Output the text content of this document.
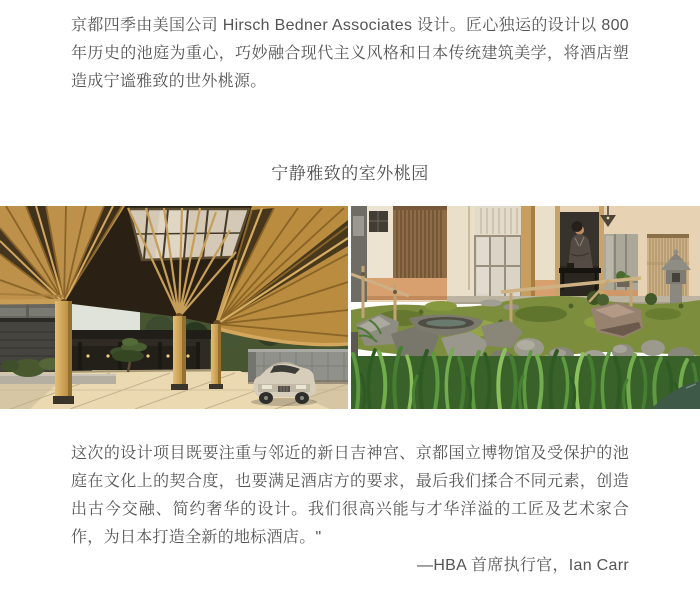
京都四季由美国公司 Hirsch Bedner Associates 设计。匠心独运的设计以 800 年历史的池庭为重心，巧妙融合现代主义风格和日本传统建筑美学，将酒店塑造成宁谧雅致的世外桃源。

宁静雅致的室外桃园

这次的设计项目既要注重与邻近的新日吉神宫、京都国立博物馆及受保护的池庭在文化上的契合度，也要满足酒店方的要求，最后我们揉合不同元素，创造出古今交融、简约奢华的设计。我们很高兴能与才华洋溢的工匠及艺术家合作，为日本打造全新的地标酒店。"

—HBA 首席执行官，Ian Carr
